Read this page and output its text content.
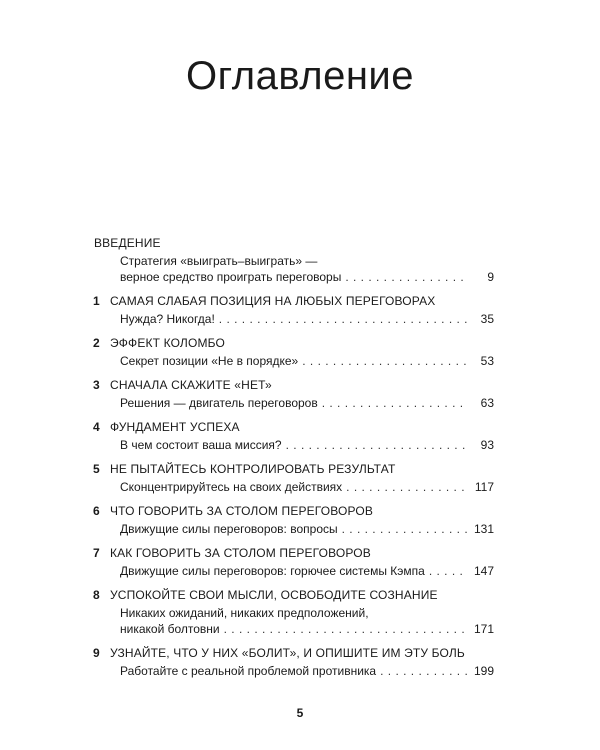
Оглавление
ВВЕДЕНИЕ
Стратегия «выиграть–выиграть» —
верное средство проиграть переговоры . . .	9
1 САМАЯ СЛАБАЯ ПОЗИЦИЯ НА ЛЮБЫХ ПЕРЕГОВОРАХ
Нужда? Никогда! . . .	35
2 ЭФФЕКТ КОЛОМБО
Секрет позиции «Не в порядке» . . .	53
3 СНАЧАЛА СКАЖИТЕ «НЕТ»
Решения — двигатель переговоров . . .	63
4 ФУНДАМЕНТ УСПЕХА
В чем состоит ваша миссия? . . .	93
5 НЕ ПЫТАЙТЕСЬ КОНТРОЛИРОВАТЬ РЕЗУЛЬТАТ
Сконцентрируйтесь на своих действиях . . .	117
6 ЧТО ГОВОРИТЬ ЗА СТОЛОМ ПЕРЕГОВОРОВ
Движущие силы переговоров: вопросы . . .	131
7 КАК ГОВОРИТЬ ЗА СТОЛОМ ПЕРЕГОВОРОВ
Движущие силы переговоров: горючее системы Кэмпа . . .	147
8 УСПОКОЙТЕ СВОИ МЫСЛИ, ОСВОБОДИТЕ СОЗНАНИЕ
Никаких ожиданий, никаких предположений,
никакой болтовни . . .	171
9 УЗНАЙТЕ, ЧТО У НИХ «БОЛИТ», И ОПИШИТЕ ИМ ЭТУ БОЛЬ
Работайте с реальной проблемой противника . . .	199
5
